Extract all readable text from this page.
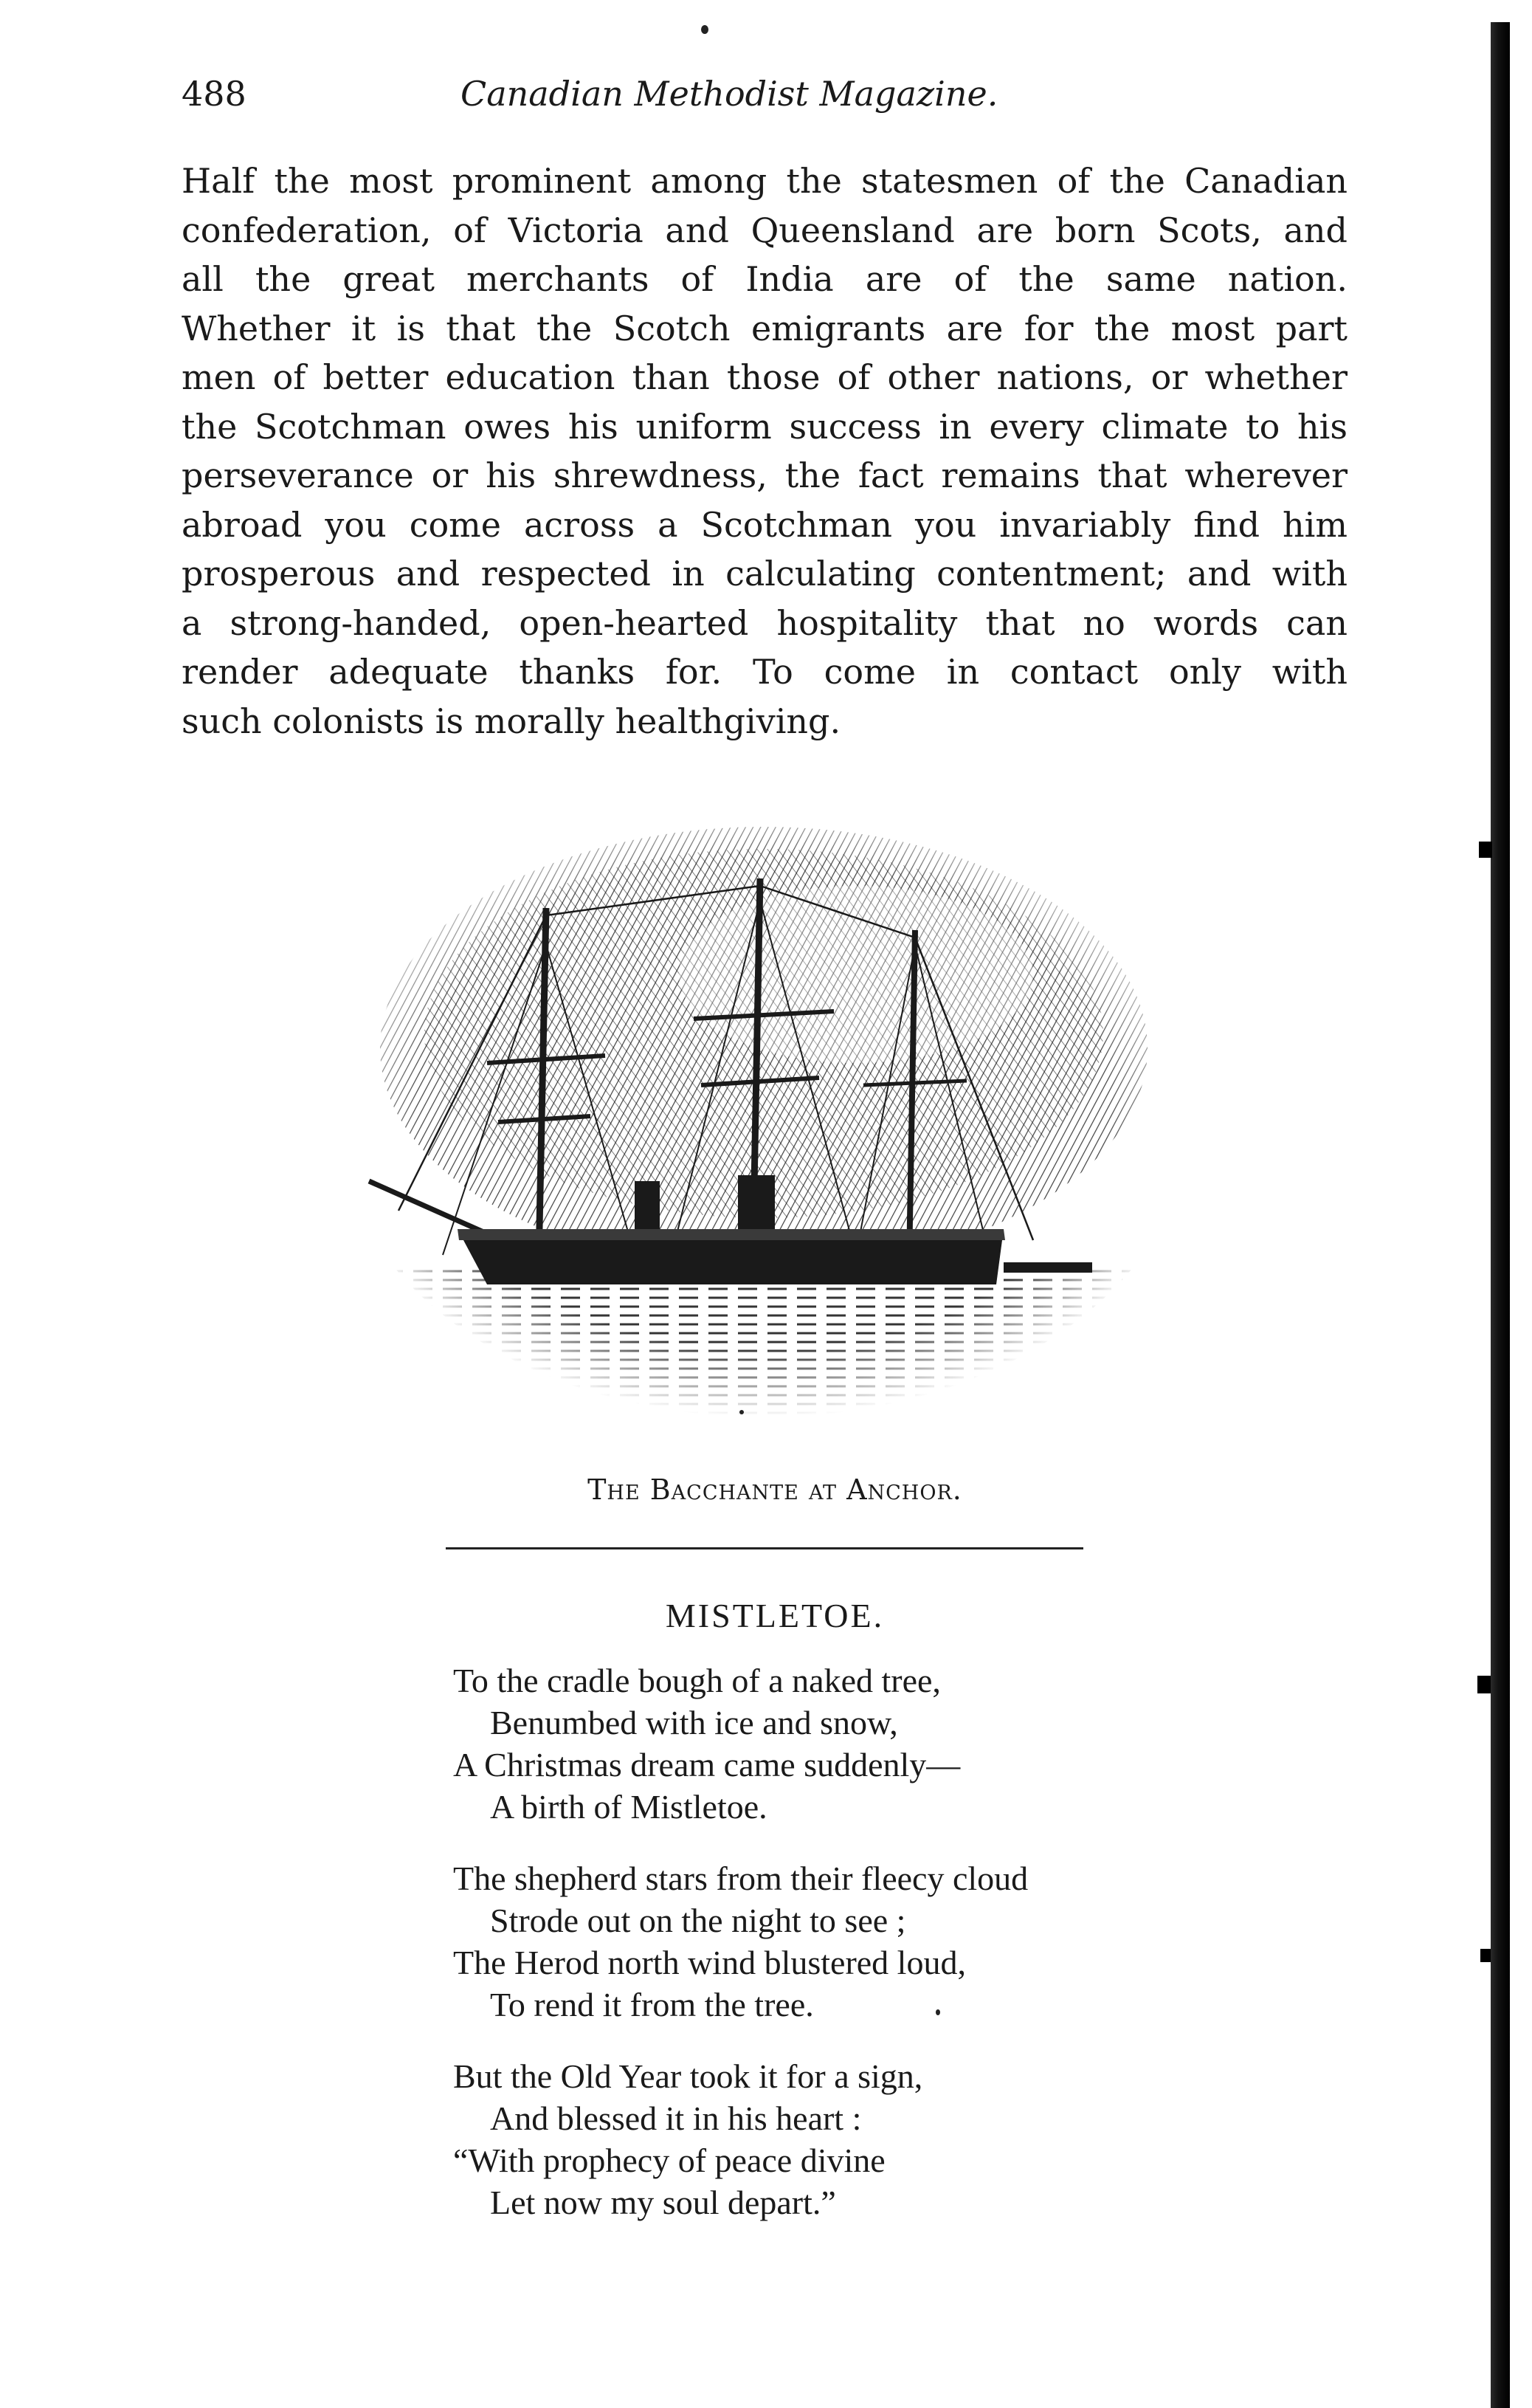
488	Canadian Methodist Magazine.
Half the most prominent among the statesmen of the Canadian
confederation, of Victoria and Queensland are born Scots, and
all the great merchants of India are of the same nation.
Whether it is that the Scotch emigrants are for the most part
men of better education than those of other nations, or whether
the Scotchman owes his uniform success in every climate to his
perseverance or his shrewdness, the fact remains that wherever
abroad you come across a Scotchman you invariably find him
prosperous and respected in calculating contentment; and with
a strong-handed, open-hearted hospitality that no words can
render adequate thanks for. To come in contact only with
such colonists is morally healthgiving.
The Bacchante at Anchor.
MISTLETOE.
To the cradle bough of a naked tree,
Benumbed with ice and snow,
A Christmas dream came suddenly—
A birth of Mistletoe.
The shepherd stars from their fleecy cloud
Strode out on the night to see ;
The Herod north wind blustered loud,
To rend it from the tree.
But the Old Year took it for a sign,
And blessed it in his heart :
“With prophecy of peace divine
Let now my soul depart.”
